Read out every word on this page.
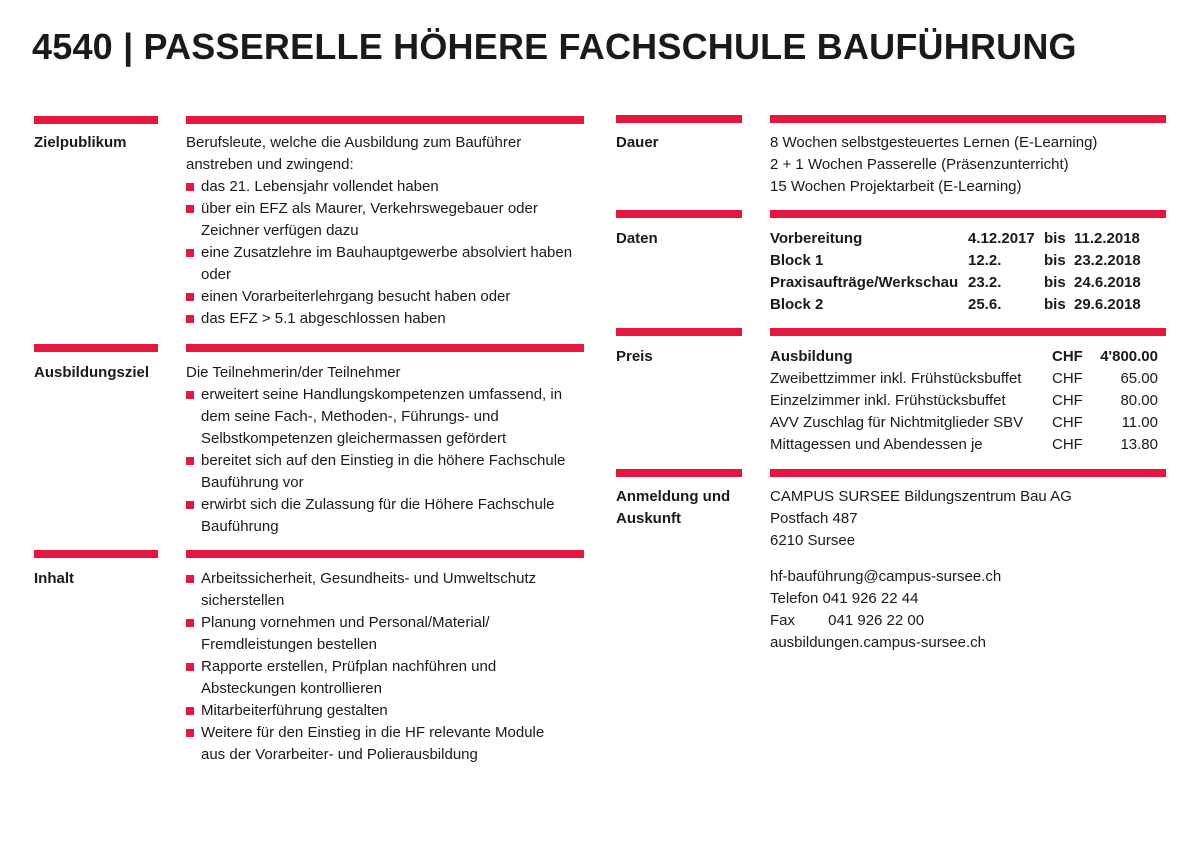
4540 | PASSERELLE HÖHERE FACHSCHULE BAUFÜHRUNG
Zielpublikum	Berufsleute, welche die Ausbildung zum Bauführer anstreben und zwingend:
das 21. Lebensjahr vollendet haben
über ein EFZ als Maurer, Verkehrswegebauer oder Zeichner verfügen dazu
eine Zusatzlehre im Bauhauptgewerbe absolviert haben oder
einen Vorarbeiterlehrgang besucht haben oder
das EFZ > 5.1 abgeschlossen haben
Ausbildungsziel Die Teilnehmerin/der Teilnehmer
erweitert seine Handlungskompetenzen umfassend, in dem seine Fach-, Methoden-, Führungs- und Selbstkompetenzen gleichermassen gefördert
bereitet sich auf den Einstieg in die höhere Fachschule Bauführung vor
erwirbt sich die Zulassung für die Höhere Fachschule Bauführung
Inhalt	Arbeitssicherheit, Gesundheits- und Umweltschutz sicherstellen
Planung vornehmen und Personal/Material/ Fremdleistungen bestellen
Rapporte erstellen, Prüfplan nachführen und Absteckungen kontrollieren
Mitarbeiterführung gestalten
Weitere für den Einstieg in die HF relevante Module aus der Vorarbeiter- und Polierausbildung
Dauer	8 Wochen selbstgesteuertes Lernen (E-Learning)
2 + 1 Wochen Passerelle (Präsenzunterricht)
15 Wochen Projektarbeit (E-Learning)
Daten	Vorbereitung	4.12.2017	bis	11.2.2018
Block 1	12.2.	bis	23.2.2018
Praxisaufträge/Werkschau	23.2.	bis	24.6.2018
Block 2	25.6.	bis	29.6.2018
Preis	Ausbildung	CHF	4'800.00
Zweibettzimmer inkl. Frühstücksbuffet	CHF	65.00
Einzelzimmer inkl. Frühstücksbuffet	CHF	80.00
AVV Zuschlag für Nichtmitglieder SBV	CHF	11.00
Mittagessen und Abendessen je	CHF	13.80
Anmeldung und
Auskunft
CAMPUS SURSEE Bildungszentrum Bau AG
Postfach 487
6210 Sursee
hf-bauführung@campus-sursee.ch
Telefon 041 926 22 44
Fax 041 926 22 00
ausbildungen.campus-sursee.ch
